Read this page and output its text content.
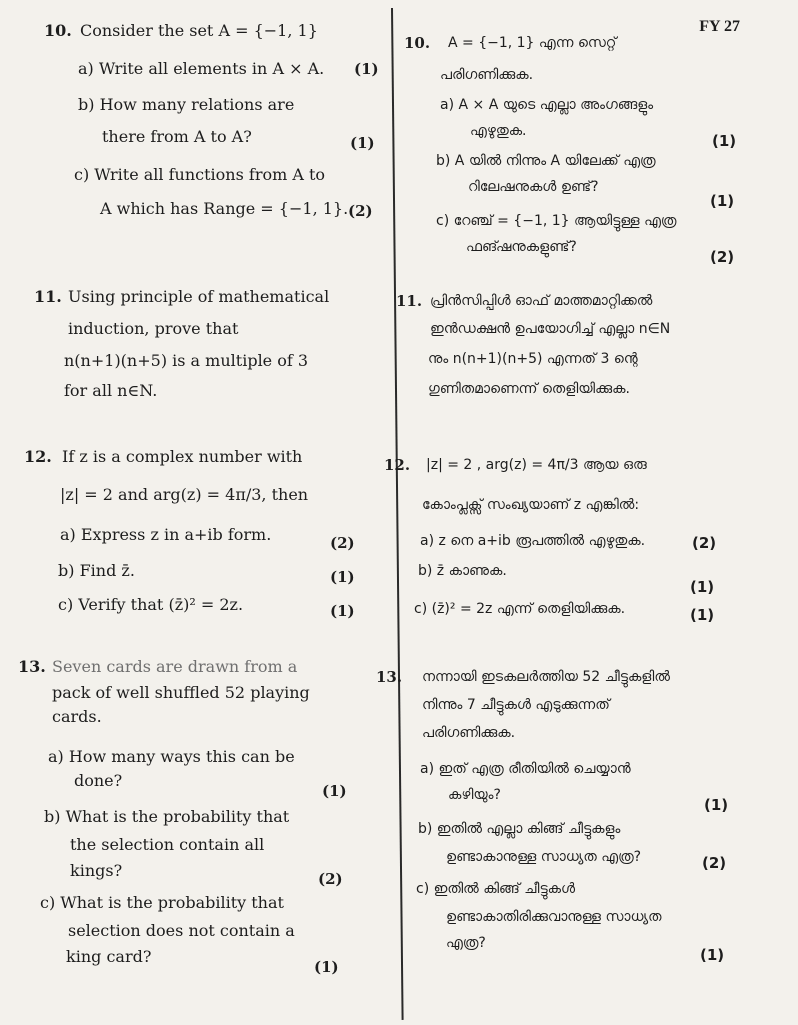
FY 27
10. Consider the set A = {−1, 1}
a) Write all elements in A × A. (1)
b) How many relations are
there from A to A?	(1)
c) Write all functions from A to
A which has Range = {−1, 1}. (2)
11. Using principle of mathematical
induction, prove that
n(n+1)(n+5) is a multiple of 3
for all n∈N.
12. If z is a complex number with
|z| = 2 and arg(z) = 4π/3, then
a) Express z in a+ib form.	(2)
b) Find z̄.	(1)
c) Verify that (z̄)² = 2z.	(1)
13. Seven cards are drawn from a
pack of well shuffled 52 playing
cards.
a) How many ways this can be
done?
(1)
b) What is the probability that
the selection contain all
kings?	(2)
c) What is the probability that
selection does not contain a
king card?
(1)
10. A = {−1, 1} എന്ന സെറ്റ്
പരിഗണിക്കുക.
a) A × A യുടെ എല്ലാ അംഗങ്ങളും
എഴുതുക.
(1)
b) A യിൽ നിന്നും A യിലേക്ക് എത്ര
റിലേഷനുകൾ ഉണ്ട്?
(1)
c) റേഞ്ച് = {−1, 1} ആയിട്ടുള്ള എത്ര
ഫങ്ഷനുകളുണ്ട്?
(2)
11. പ്രിൻസിപ്പിൾ ഓഫ് മാത്തമാറ്റിക്കൽ
ഇൻഡക്ഷൻ ഉപയോഗിച്ച് എല്ലാ n∈N
നും n(n+1)(n+5) എന്നത് 3 ന്റെ
ഗുണിതമാണെന്ന് തെളിയിക്കുക.
12. |z| = 2 , arg(z) = 4π/3 ആയ ഒരു
കോംപ്ലക്സ് സംഖ്യയാണ് z എങ്കിൽ:
a) z നെ a+ib രൂപത്തിൽ എഴുതുക.	(2)
b) z̄ കാണുക.
(1)
c) (z̄)² = 2z എന്ന് തെളിയിക്കുക.	(1)
13. നന്നായി ഇടകലർത്തിയ 52 ചീട്ടുകളിൽ
നിന്നും 7 ചീട്ടുകൾ എടുക്കുന്നത്
പരിഗണിക്കുക.
a) ഇത് എത്ര രീതിയിൽ ചെയ്യാൻ
കഴിയും?
(1)
b) ഇതിൽ എല്ലാ കിങ്ങ് ചീട്ടുകളും
ഉണ്ടാകാനുള്ള സാധ്യത എത്ര?	(2)
c) ഇതിൽ കിങ്ങ് ചീട്ടുകൾ
ഉണ്ടാകാതിരിക്കുവാനുള്ള സാധ്യത
എത്ര?
(1)
